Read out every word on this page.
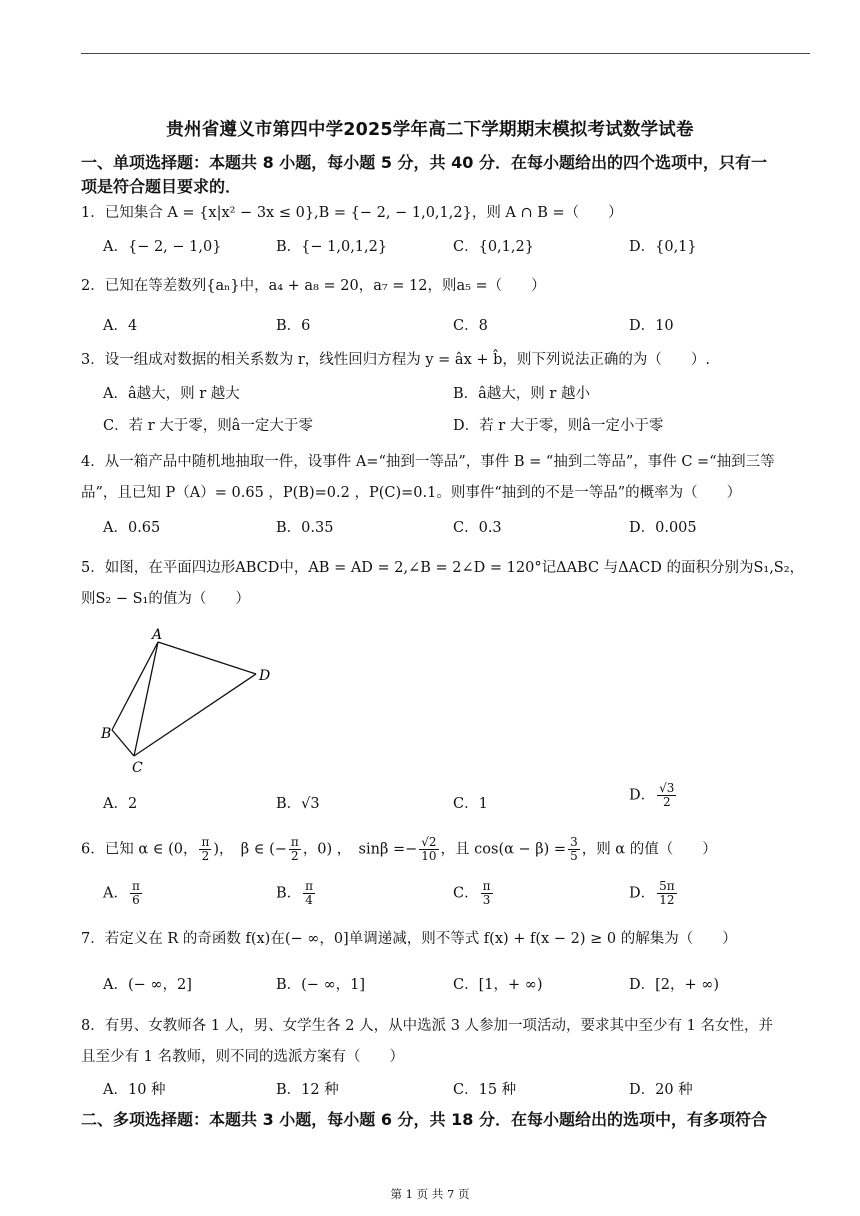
贵州省遵义市第四中学2025学年高二下学期期末模拟考试数学试卷
一、单项选择题：本题共 8 小题，每小题 5 分，共 40 分．在每小题给出的四个选项中，只有一
项是符合题目要求的．
1．已知集合 A = {x|x² − 3x ≤ 0},B = {− 2, − 1,0,1,2}，则 A ∩ B =（　　）
A．{− 2, − 1,0}	B．{− 1,0,1,2}	C．{0,1,2}	D．{0,1}
2．已知在等差数列{aₙ}中，a₄ + a₈ = 20，a₇ = 12，则a₅ =（　　）
A．4	B．6	C．8	D．10
3．设一组成对数据的相关系数为 r，线性回归方程为 y = âx + b̂，则下列说法正确的为（　　）.
A．â越大，则 r 越大	B．â越大，则 r 越小
C．若 r 大于零，则â一定大于零	D．若 r 大于零，则â一定小于零
4．从一箱产品中随机地抽取一件，设事件 A=“抽到一等品”，事件 B = “抽到二等品”，事件 C =“抽到三等
品”，且已知 P（A）= 0.65 ，P(B)=0.2 ，P(C)=0.1。则事件“抽到的不是一等品”的概率为（　　）
A．0.65	B．0.35	C．0.3	D．0.005
5．如图，在平面四边形ABCD中，AB = AD = 2,∠B = 2∠D = 120°记ΔABC 与ΔACD 的面积分别为S₁,S₂，
则S₂ − S₁的值为（　　）
A
B
C
D
A．2	B．√3	C．1
D． $\frac{√3}{2}$
6．已知 α ∈ (0， $\frac{\pi}{2}$ )，　β ∈ (− $\frac{\pi}{2}$ ，0) ，　$\sin\beta =- \frac{√2}{10}$ ，且 $\cos(\alpha - \beta) = \frac{3}{5}$ ，则 α 的值（　　）
A． $\frac{\pi}{6}$	B． $\frac{\pi}{4}$	C． $\frac{\pi}{3}$	D． $\frac{5\pi}{12}$
7．若定义在 R 的奇函数 f(x)在(− ∞，0]单调递减，则不等式 f(x) + f(x − 2) ≥ 0 的解集为（　　）
A．(− ∞，2]	B．(− ∞，1]	C．[1，+ ∞)	D．[2，+ ∞)
8．有男、女教师各 1 人，男、女学生各 2 人，从中选派 3 人参加一项活动，要求其中至少有 1 名女性，并
且至少有 1 名教师，则不同的选派方案有（　　）
A．10 种	B．12 种	C．15 种	D．20 种
二、多项选择题：本题共 3 小题，每小题 6 分，共 18 分．在每小题给出的选项中，有多项符合
第 1 页 共 7 页
